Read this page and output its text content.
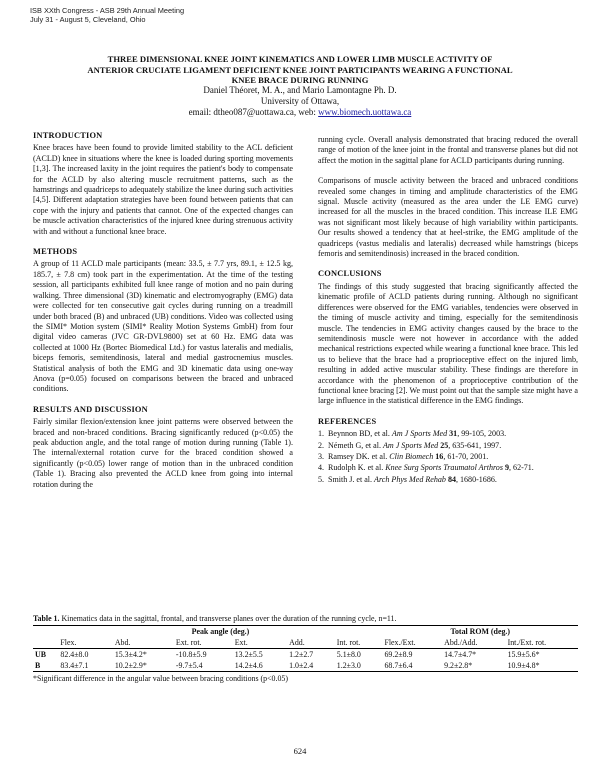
ISB XXth Congress - ASB 29th Annual Meeting
July 31 - August 5, Cleveland, Ohio
THREE DIMENSIONAL KNEE JOINT KINEMATICS AND LOWER LIMB MUSCLE ACTIVITY OF
ANTERIOR CRUCIATE LIGAMENT DEFICIENT KNEE JOINT PARTICIPANTS WEARING A FUNCTIONAL
KNEE BRACE DURING RUNNING
Daniel Théoret, M. A., and Mario Lamontagne Ph. D.
University of Ottawa,
email: dtheo087@uottawa.ca, web: www.biomech.uottawa.ca
INTRODUCTION

Knee braces have been found to provide limited stability to the ACL deficient (ACLD) knee in situations where the knee is loaded during sporting movements [1,3]. The increased laxity in the joint requires the patient's body to compensate for the ACLD by also altering muscle recruitment patterns, such as the hamstrings and quadriceps to adequately stabilize the knee during such activities [4,5]. Different adaptation strategies have been found between patients that can cope with the injury and patients that cannot. One of the expected changes can be muscle activation characteristics of the injured knee during strenuous activity with and without a functional knee brace.

METHODS

A group of 11 ACLD male participants (mean: 33.5, ± 7.7 yrs, 89.1, ± 12.5 kg, 185.7, ± 7.8 cm) took part in the experimentation. At the time of the testing session, all participants exhibited full knee range of motion and no pain during walking. Three dimensional (3D) kinematic and electromyography (EMG) data were collected for ten consecutive gait cycles during running on a treadmill under both braced (B) and unbraced (UB) conditions. Video was collected using the SIMI* Motion system (SIMI* Reality Motion Systems GmbH) from four digital video cameras (JVC GR-DVL9800) set at 60 Hz. EMG data was collected at 1000 Hz (Bortec Biomedical Ltd.) for vastus lateralis and medialis, biceps femoris, semitendinosis, lateral and medial gastrocnemius muscles. Statistical analysis of both the EMG and 3D kinematic data using one-way Anova (p=0.05) focused on comparisons between the braced and unbraced conditions.

RESULTS AND DISCUSSION

Fairly similar flexion/extension knee joint patterns were observed between the braced and non-braced conditions. Bracing significantly reduced (p<0.05) the peak abduction angle, and the total range of motion during running (Table 1). The internal/external rotation curve for the braced condition showed a significantly (p<0.05) lower range of motion than in the unbraced condition (Table 1). Bracing also prevented the ACLD knee from going into internal rotation during the

running cycle. Overall analysis demonstrated that bracing reduced the overall range of motion of the knee joint in the frontal and transverse planes but did not affect the motion in the sagittal plane for ACLD participants during running.

Comparisons of muscle activity between the braced and unbraced conditions revealed some changes in timing and amplitude characteristics of the EMG signal. Muscle activity (measured as the area under the LE EMG curve) increased for all the muscles in the braced condition. This increase ILE EMG was not significant most likely because of high variability within participants. Our results showed a tendency that at heel-strike, the EMG amplitude of the quadriceps (vastus medialis and lateralis) decreased while hamstrings (biceps femoris and semitendinosis) increased in the braced condition.

CONCLUSIONS

The findings of this study suggested that bracing significantly affected the kinematic profile of ACLD patients during running. Although no significant differences were observed for the EMG variables, tendencies were observed in the timing of muscle activity and timing, especially for the semitendinosis muscle. The tendencies in EMG activity changes caused by the brace to the semitendinosis muscle were not however in accordance with the added mechanical restrictions expected while wearing a functional knee brace. This led us to believe that the brace had a proprioceptive effect on the injured limb, resulting in added active muscular stability. These findings are therefore in accordance with the phenomenon of a proprioceptive contribution of the functional knee bracing [2]. We must point out that the sample size might have a large influence in the statistical difference in the EMG findings.

REFERENCES
1. Beynnon BD, et al. Am J Sports Med 31, 99-105, 2003.
2. Németh G, et al. Am J Sports Med 25, 635-641, 1997.
3. Ramsey DK. et al. Clin Biomech 16, 61-70, 2001.
4. Rudolph K. et al. Knee Surg Sports Traumatol Arthros 9, 62-71.
5. Smith J. et al. Arch Phys Med Rehab 84, 1680-1686.
Table 1. Kinematics data in the sagittal, frontal, and transverse planes over the duration of the running cycle, n=11.
	Peak angle (deg.)						Total ROM (deg.)		
	Flex.	Abd.	Ext. rot.	Ext.	Add.	Int. rot.	Flex./Ext.	Abd./Add.	Int./Ext. rot.
UB	82.4±8.0	15.3±4.2*	-10.8±5.9	13.2±5.5	1.2±2.7	5.1±8.0	69.2±8.9	14.7±4.7*	15.9±5.6*
B	83.4±7.1	10.2±2.9*	-9.7±5.4	14.2±4.6	1.0±2.4	1.2±3.0	68.7±6.4	9.2±2.8*	10.9±4.8*
*Significant difference in the angular value between bracing conditions (p<0.05)
624
